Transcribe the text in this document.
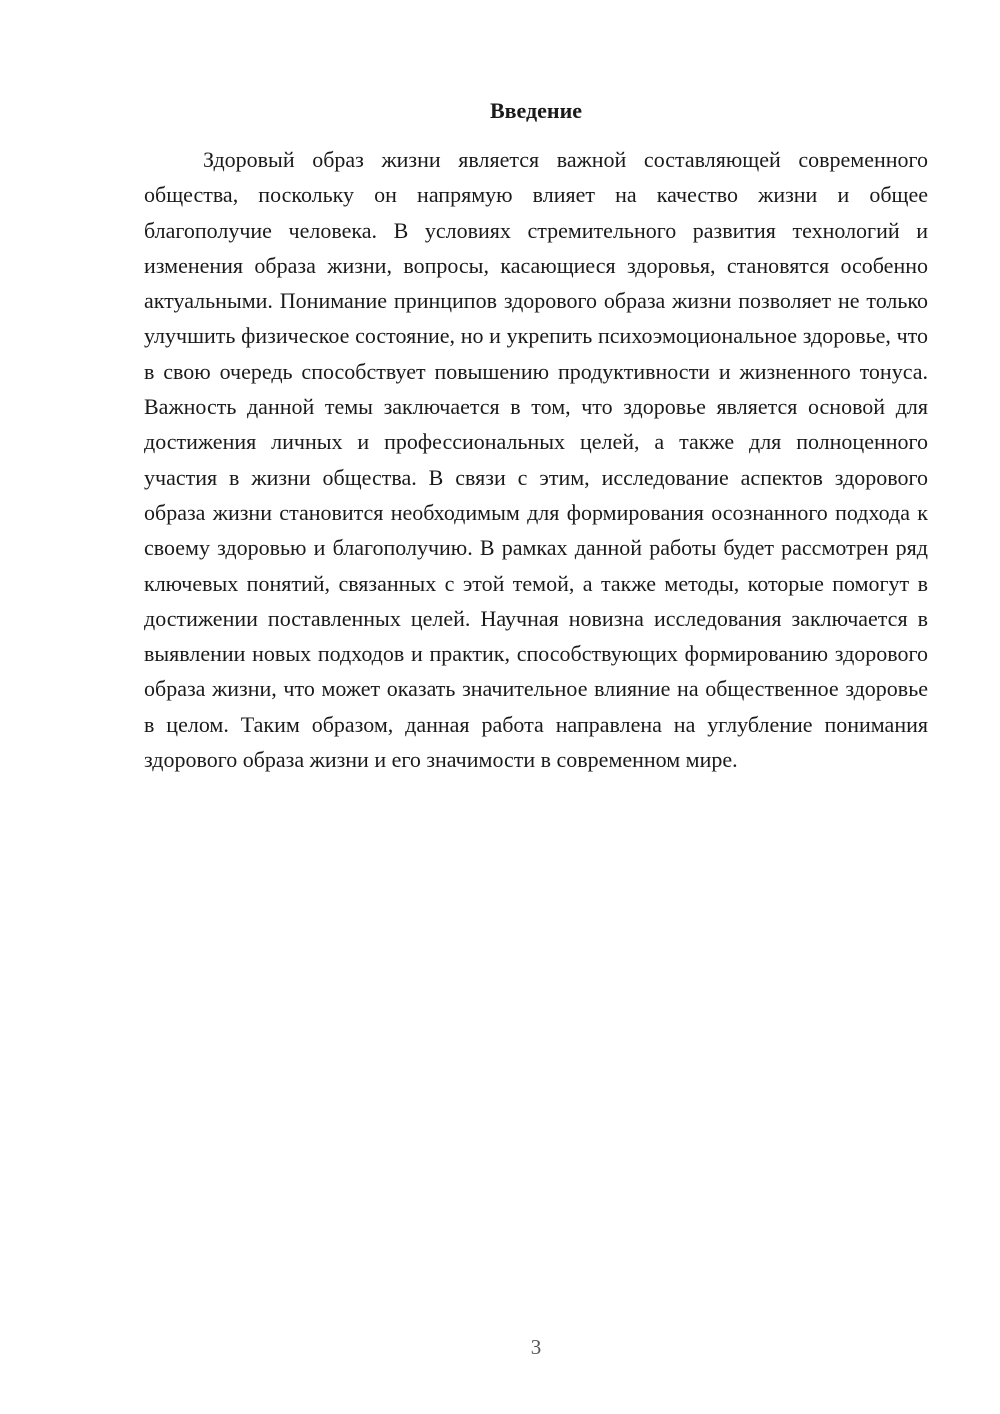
Введение

Здоровый образ жизни является важной составляющей современного общества, поскольку он напрямую влияет на качество жизни и общее благополучие человека. В условиях стремительного развития технологий и изменения образа жизни, вопросы, касающиеся здоровья, становятся особенно актуальными. Понимание принципов здорового образа жизни позволяет не только улучшить физическое состояние, но и укрепить психоэмоциональное здоровье, что в свою очередь способствует повышению продуктивности и жизненного тонуса. Важность данной темы заключается в том, что здоровье является основой для достижения личных и профессиональных целей, а также для полноценного участия в жизни общества. В связи с этим, исследование аспектов здорового образа жизни становится необходимым для формирования осознанного подхода к своему здоровью и благополучию. В рамках данной работы будет рассмотрен ряд ключевых понятий, связанных с этой темой, а также методы, которые помогут в достижении поставленных целей. Научная новизна исследования заключается в выявлении новых подходов и практик, способствующих формированию здорового образа жизни, что может оказать значительное влияние на общественное здоровье в целом. Таким образом, данная работа направлена на углубление понимания здорового образа жизни и его значимости в современном мире.

3
